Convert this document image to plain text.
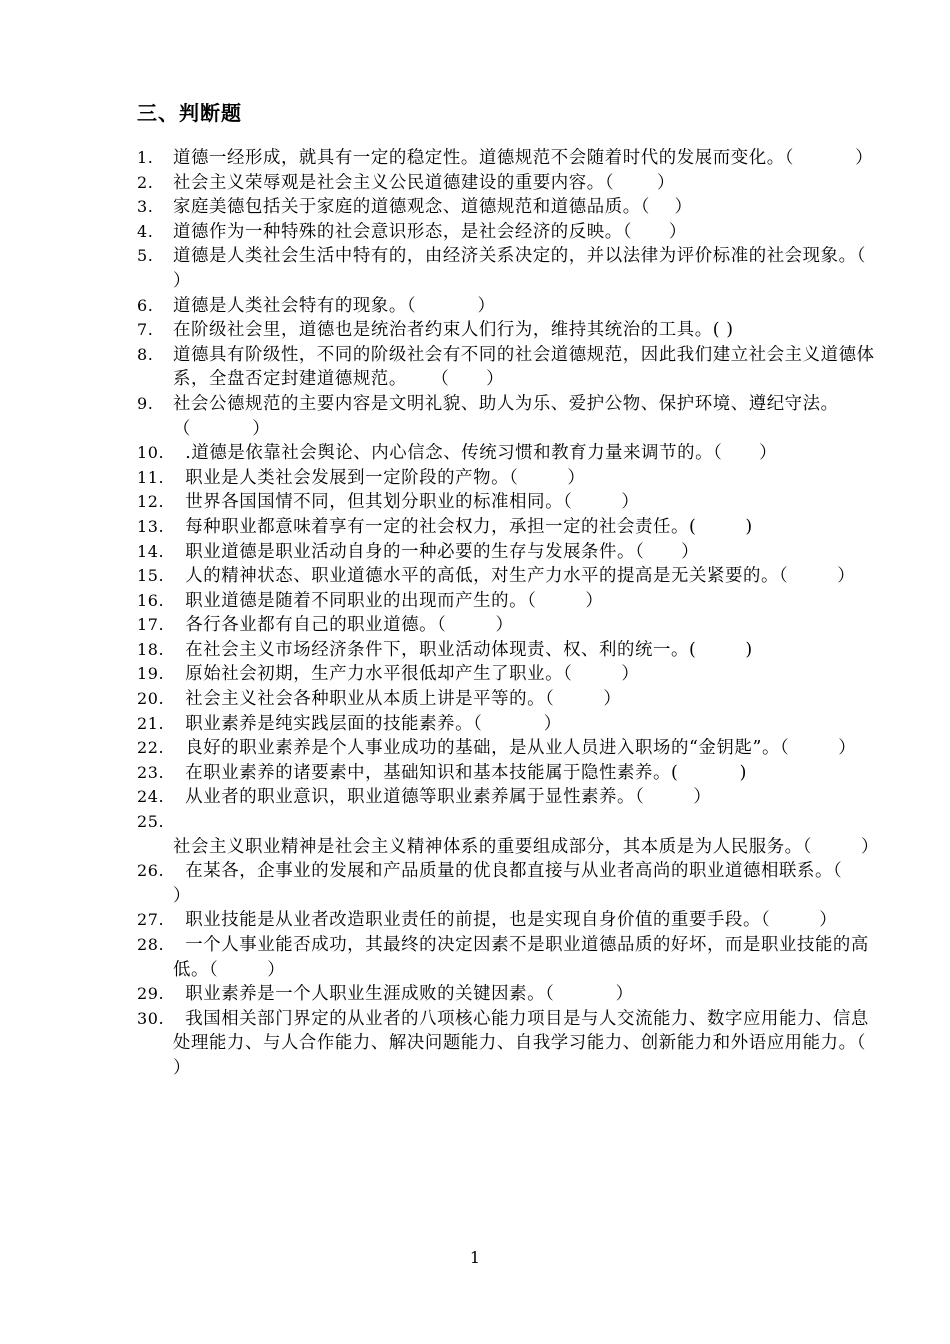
三、判断题
1. 道德一经形成，就具有一定的稳定性。道德规范不会随着时代的发展而变化。（          ）
2. 社会主义荣辱观是社会主义公民道德建设的重要内容。（       ）
3. 家庭美德包括关于家庭的道德观念、道德规范和道德品质。（    ）
4. 道德作为一种特殊的社会意识形态，是社会经济的反映。（      ）
5. 道德是人类社会生活中特有的，由经济关系决定的，并以法律为评价标准的社会现象。（          ）
6. 道德是人类社会特有的现象。（          ）
7. 在阶级社会里，道德也是统治者约束人们行为，维持其统治的工具。( )
8. 道德具有阶级性，不同的阶级社会有不同的社会道德规范，因此我们建立社会主义道德体系，全盘否定封建道德规范。    （      ）
9. 社会公德规范的主要内容是文明礼貌、助人为乐、爱护公物、保护环境、遵纪守法。                 （          ）
10. .道德是依靠社会舆论、内心信念、传统习惯和教育力量来调节的。（      ）
11. 职业是人类社会发展到一定阶段的产物。（        ）
12. 世界各国国情不同，但其划分职业的标准相同。（        ）
13. 每种职业都意味着享有一定的社会权力，承担一定的社会责任。(        )
14. 职业道德是职业活动自身的一种必要的生存与发展条件。（      ）
15. 人的精神状态、职业道德水平的高低，对生产力水平的提高是无关紧要的。（        ）
16. 职业道德是随着不同职业的出现而产生的。（        ）
17. 各行各业都有自己的职业道德。（        ）
18. 在社会主义市场经济条件下，职业活动体现责、权、利的统一。(        )
19. 原始社会初期，生产力水平很低却产生了职业。（        ）
20. 社会主义社会各种职业从本质上讲是平等的。（        ）
21. 职业素养是纯实践层面的技能素养。（          ）
22. 良好的职业素养是个人事业成功的基础，是从业人员进入职场的“金钥匙”。（        ）
23. 在职业素养的诸要素中，基础知识和基本技能属于隐性素养。(          )
24. 从业者的职业意识，职业道德等职业素养属于显性素养。（        ）
25. 社会主义职业精神是社会主义精神体系的重要组成部分，其本质是为人民服务。（        ）
26. 在某各，企事业的发展和产品质量的优良都直接与从业者高尚的职业道德相联系。（          ）
27. 职业技能是从业者改造职业责任的前提，也是实现自身价值的重要手段。（        ）
28. 一个人事业能否成功，其最终的决定因素不是职业道德品质的好坏，而是职业技能的高低。（        ）
29. 职业素养是一个人职业生涯成败的关键因素。（          ）
30. 我国相关部门界定的从业者的八项核心能力项目是与人交流能力、数字应用能力、信息处理能力、与人合作能力、解决问题能力、自我学习能力、创新能力和外语应用能力。（          ）
1
